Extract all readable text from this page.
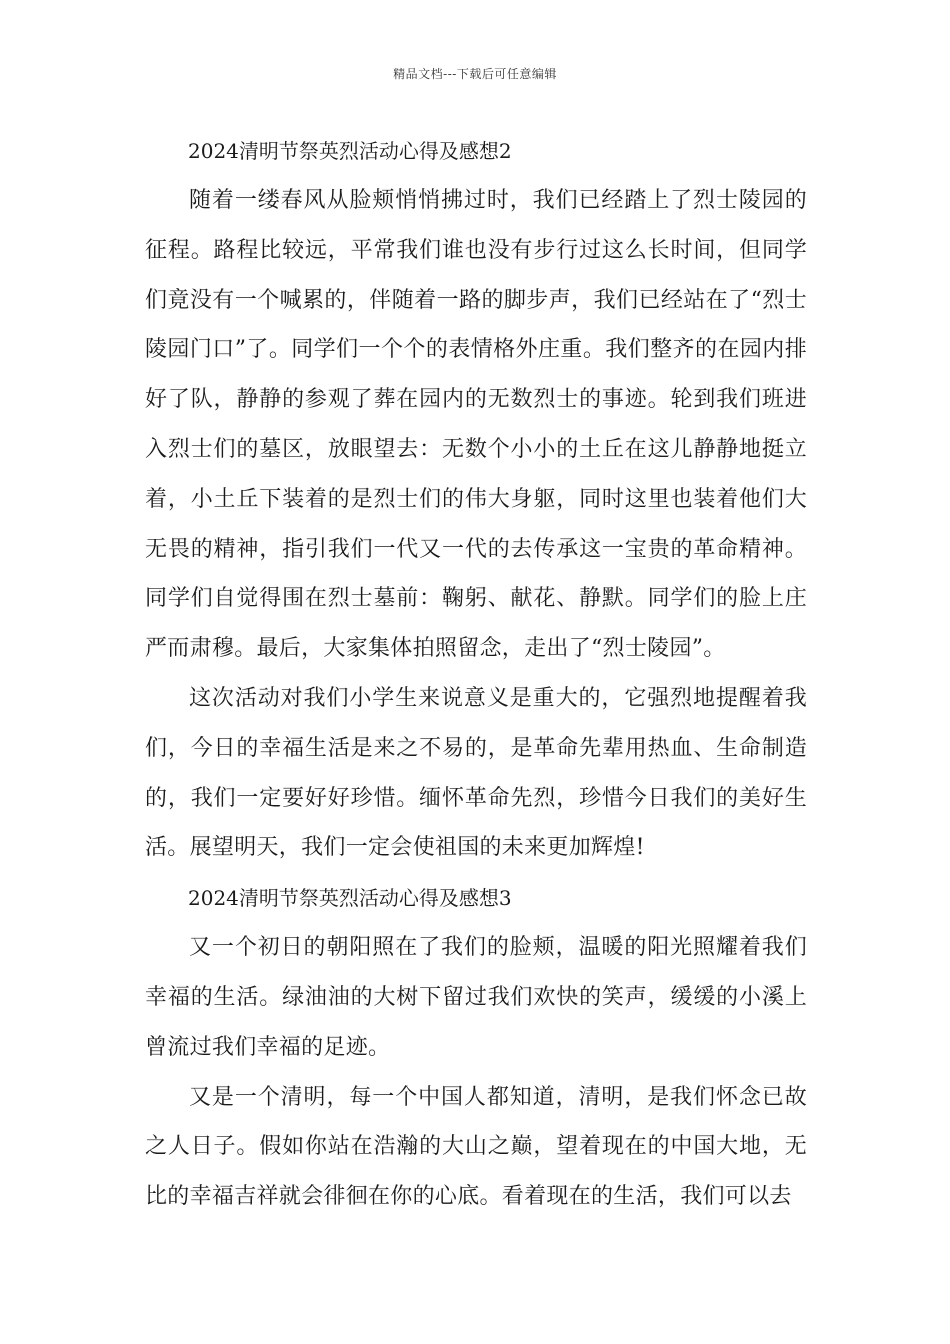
精品文档---下载后可任意编辑
2024清明节祭英烈活动心得及感想2

随着一缕春风从脸颊悄悄拂过时，我们已经踏上了烈士陵园的征程。路程比较远，平常我们谁也没有步行过这么长时间，但同学们竟没有一个喊累的，伴随着一路的脚步声，我们已经站在了“烈士陵园门口”了。同学们一个个的表情格外庄重。我们整齐的在园内排好了队，静静的参观了葬在园内的无数烈士的事迹。轮到我们班进入烈士们的墓区，放眼望去：无数个小小的土丘在这儿静静地挺立着，小土丘下装着的是烈士们的伟大身躯，同时这里也装着他们大无畏的精神，指引我们一代又一代的去传承这一宝贵的革命精神。同学们自觉得围在烈士墓前：鞠躬、献花、静默。同学们的脸上庄严而肃穆。最后，大家集体拍照留念，走出了“烈士陵园”。

这次活动对我们小学生来说意义是重大的，它强烈地提醒着我们，今日的幸福生活是来之不易的，是革命先辈用热血、生命制造的，我们一定要好好珍惜。缅怀革命先烈，珍惜今日我们的美好生活。展望明天，我们一定会使祖国的未来更加辉煌!

2024清明节祭英烈活动心得及感想3

又一个初日的朝阳照在了我们的脸颊，温暖的阳光照耀着我们幸福的生活。绿油油的大树下留过我们欢快的笑声，缓缓的小溪上曾流过我们幸福的足迹。

又是一个清明，每一个中国人都知道，清明，是我们怀念已故之人日子。假如你站在浩瀚的大山之巅，望着现在的中国大地，无比的幸福吉祥就会徘徊在你的心底。看着现在的生活，我们可以去
